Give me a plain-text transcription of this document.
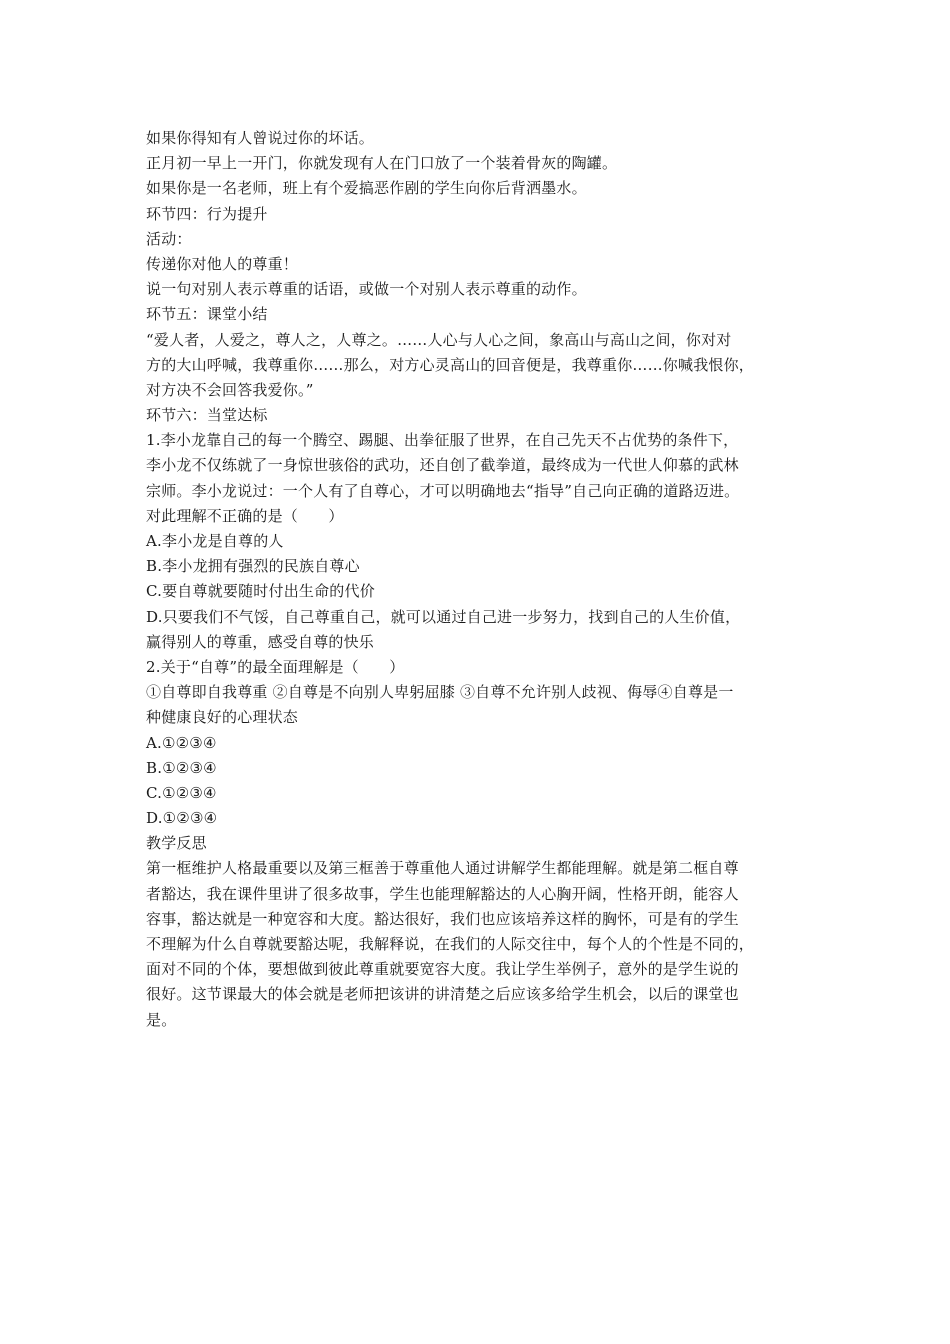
如果你得知有人曾说过你的坏话。
正月初一早上一开门，你就发现有人在门口放了一个装着骨灰的陶罐。
如果你是一名老师，班上有个爱搞恶作剧的学生向你后背洒墨水。
环节四：行为提升
活动：
传递你对他人的尊重！
说一句对别人表示尊重的话语，或做一个对别人表示尊重的动作。
环节五：课堂小结
“爱人者，人爱之，尊人之，人尊之。……人心与人心之间，象高山与高山之间，你对对
方的大山呼喊，我尊重你……那么，对方心灵高山的回音便是，我尊重你……你喊我恨你，
对方决不会回答我爱你。”
环节六：当堂达标
1.李小龙靠自己的每一个腾空、踢腿、出拳征服了世界，在自己先天不占优势的条件下，
李小龙不仅练就了一身惊世骇俗的武功，还自创了截拳道，最终成为一代世人仰慕的武林
宗师。李小龙说过：一个人有了自尊心，才可以明确地去“指导”自己向正确的道路迈进。
对此理解不正确的是（　　）
A.李小龙是自尊的人
B.李小龙拥有强烈的民族自尊心
C.要自尊就要随时付出生命的代价
D.只要我们不气馁，自己尊重自己，就可以通过自己进一步努力，找到自己的人生价值，
赢得别人的尊重，感受自尊的快乐
2.关于“自尊”的最全面理解是（　　）
①自尊即自我尊重 ②自尊是不向别人卑躬屈膝 ③自尊不允许别人歧视、侮辱④自尊是一
种健康良好的心理状态
A.①②③④
B.①②③④
C.①②③④
D.①②③④
教学反思
第一框维护人格最重要以及第三框善于尊重他人通过讲解学生都能理解。就是第二框自尊
者豁达，我在课件里讲了很多故事，学生也能理解豁达的人心胸开阔，性格开朗，能容人
容事，豁达就是一种宽容和大度。豁达很好，我们也应该培养这样的胸怀，可是有的学生
不理解为什么自尊就要豁达呢，我解释说，在我们的人际交往中，每个人的个性是不同的，
面对不同的个体，要想做到彼此尊重就要宽容大度。我让学生举例子，意外的是学生说的
很好。这节课最大的体会就是老师把该讲的讲清楚之后应该多给学生机会，以后的课堂也
是。
